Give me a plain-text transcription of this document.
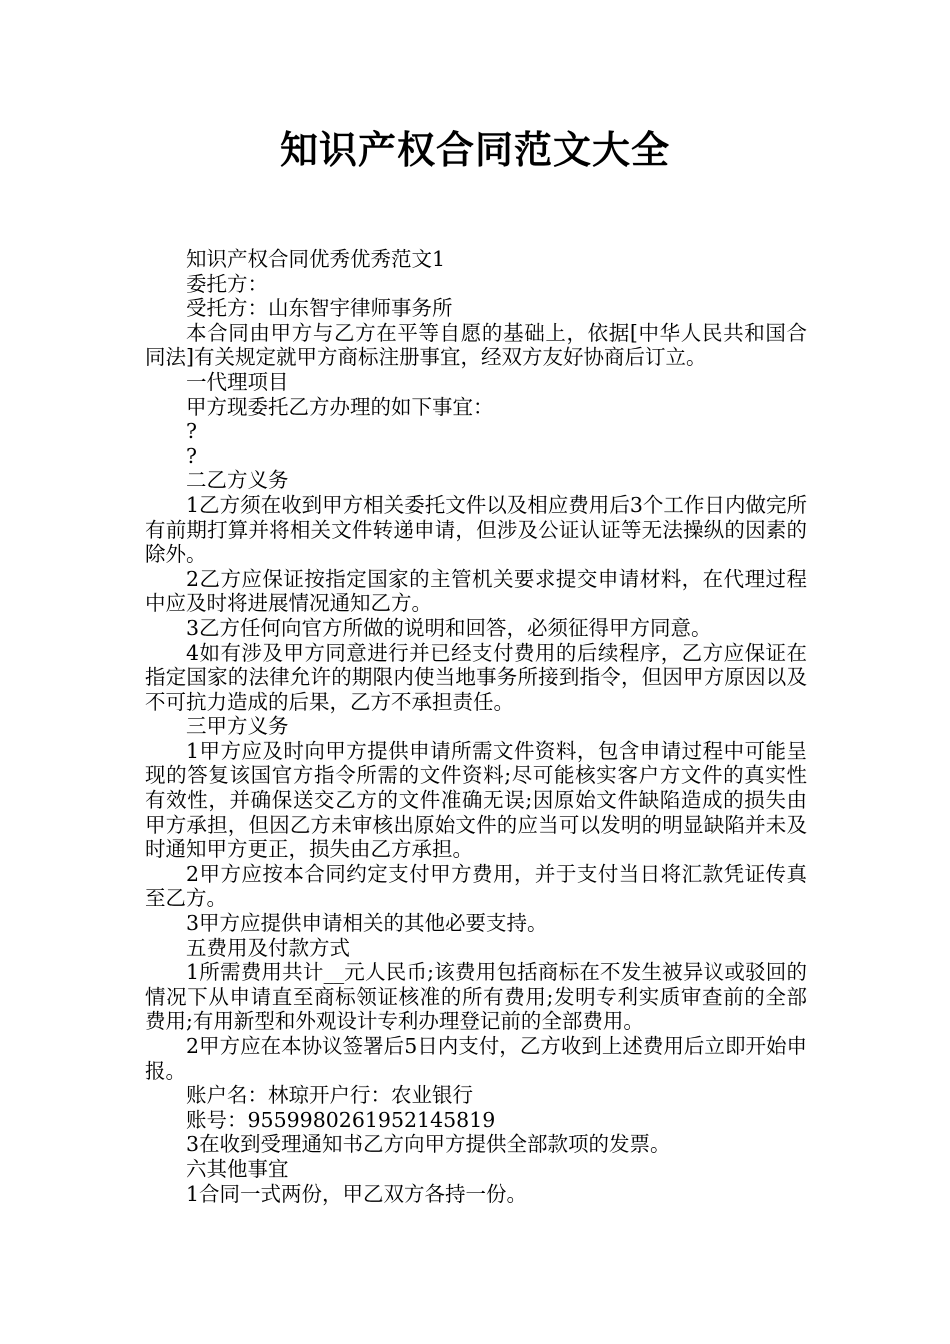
知识产权合同范文大全

知识产权合同优秀优秀范文1

委托方：

受托方：山东智宇律师事务所

本合同由甲方与乙方在平等自愿的基础上，依据[中华人民共和国合同法]有关规定就甲方商标注册事宜，经双方友好协商后订立。

一代理项目

甲方现委托乙方办理的如下事宜：

?

?

二乙方义务

1乙方须在收到甲方相关委托文件以及相应费用后3个工作日内做完所有前期打算并将相关文件转递申请，但涉及公证认证等无法操纵的因素的除外。

2乙方应保证按指定国家的主管机关要求提交申请材料，在代理过程中应及时将进展情况通知乙方。

3乙方任何向官方所做的说明和回答，必须征得甲方同意。

4如有涉及甲方同意进行并已经支付费用的后续程序，乙方应保证在指定国家的法律允许的期限内使当地事务所接到指令，但因甲方原因以及不可抗力造成的后果，乙方不承担责任。

三甲方义务

1甲方应及时向甲方提供申请所需文件资料，包含申请过程中可能呈现的答复该国官方指令所需的文件资料;尽可能核实客户方文件的真实性有效性，并确保送交乙方的文件准确无误;因原始文件缺陷造成的损失由甲方承担，但因乙方未审核出原始文件的应当可以发明的明显缺陷并未及时通知甲方更正，损失由乙方承担。

2甲方应按本合同约定支付甲方费用，并于支付当日将汇款凭证传真至乙方。

3甲方应提供申请相关的其他必要支持。

五费用及付款方式

1所需费用共计__元人民币;该费用包括商标在不发生被异议或驳回的情况下从申请直至商标领证核准的所有费用;发明专利实质审查前的全部费用;有用新型和外观设计专利办理登记前的全部费用。

2甲方应在本协议签署后5日内支付，乙方收到上述费用后立即开始申报。

账户名：林琼开户行：农业银行

账号：9559980261952145819

3在收到受理通知书乙方向甲方提供全部款项的发票。

六其他事宜

1合同一式两份，甲乙双方各持一份。
